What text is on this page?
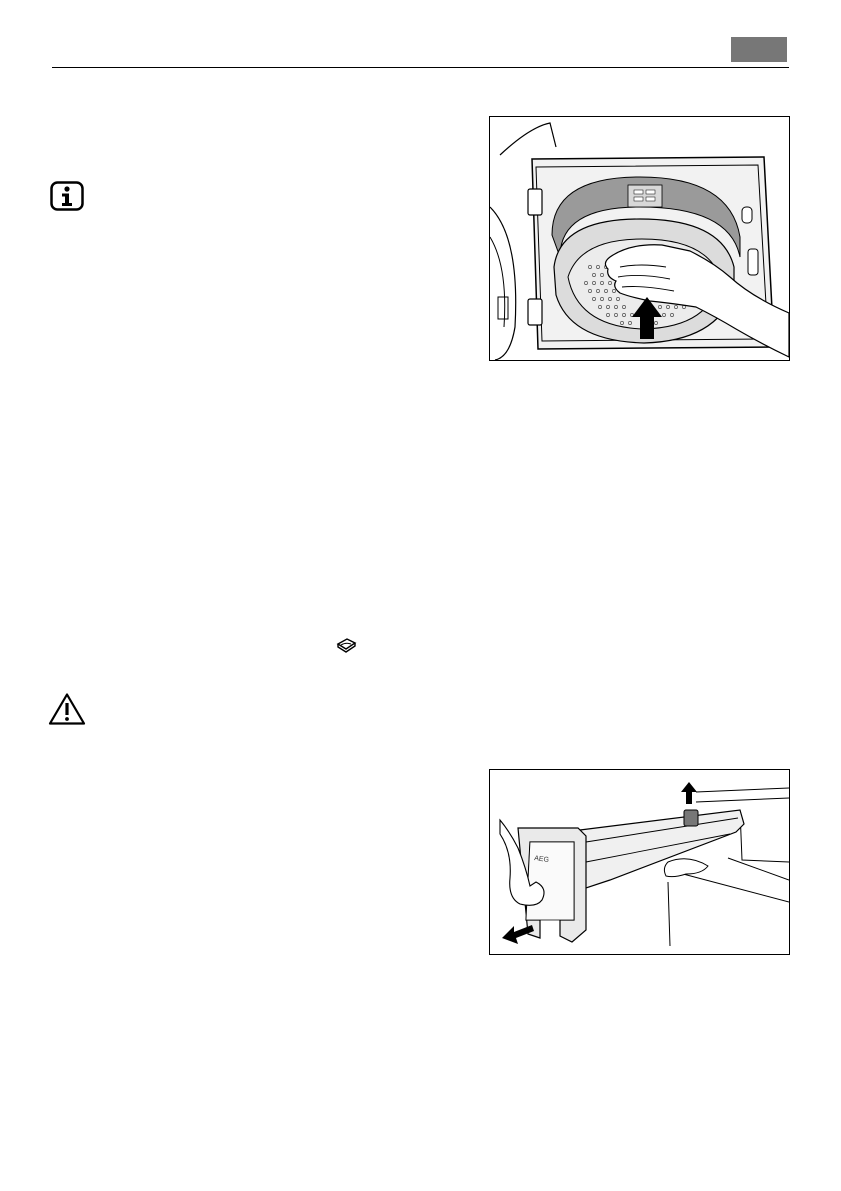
AEG
